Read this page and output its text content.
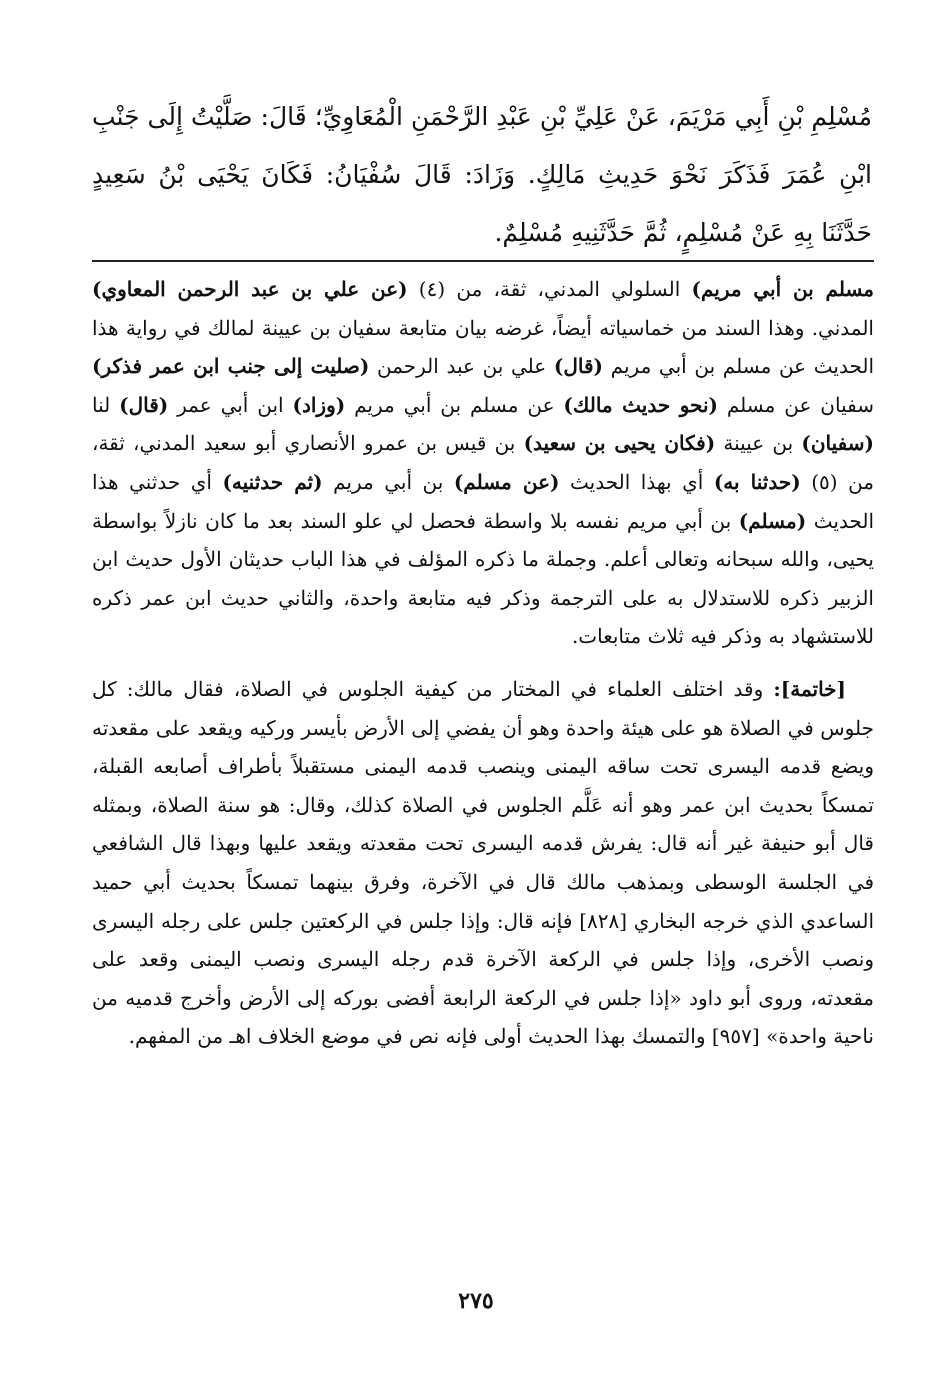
مُسْلِمِ بْنِ أَبِي مَرْيَمَ، عَنْ عَلِيِّ بْنِ عَبْدِ الرَّحْمَنِ الْمُعَاوِيِّ؛ قَالَ: صَلَّيْتُ إِلَى جَنْبِ ابْنِ عُمَرَ فَذَكَرَ نَحْوَ حَدِيثِ مَالِكٍ. وَزَادَ: قَالَ سُفْيَانُ: فَكَانَ يَحْيَى بْنُ سَعِيدٍ حَدَّثَنَا بِهِ عَنْ مُسْلِمٍ، ثُمَّ حَدَّثَنِيهِ مُسْلِمٌ.

مسلم بن أبي مريم) السلولي المدني، ثقة، من (٤) (عن علي بن عبد الرحمن المعاوي) المدني. وهذا السند من خماسياته أيضاً، غرضه بيان متابعة سفيان بن عيينة لمالك في رواية هذا الحديث عن مسلم بن أبي مريم (قال) علي بن عبد الرحمن (صليت إلى جنب ابن عمر فذكر) سفيان عن مسلم (نحو حديث مالك) عن مسلم بن أبي مريم (وزاد) ابن أبي عمر (قال) لنا (سفيان) بن عيينة (فكان يحيى بن سعيد) بن قيس بن عمرو الأنصاري أبو سعيد المدني، ثقة، من (٥) (حدثنا به) أي بهذا الحديث (عن مسلم) بن أبي مريم (ثم حدثنيه) أي حدثني هذا الحديث (مسلم) بن أبي مريم نفسه بلا واسطة فحصل لي علو السند بعد ما كان نازلاً بواسطة يحيى، والله سبحانه وتعالى أعلم. وجملة ما ذكره المؤلف في هذا الباب حديثان الأول حديث ابن الزبير ذكره للاستدلال به على الترجمة وذكر فيه متابعة واحدة، والثاني حديث ابن عمر ذكره للاستشهاد به وذكر فيه ثلاث متابعات.

[خاتمة]: وقد اختلف العلماء في المختار من كيفية الجلوس في الصلاة، فقال مالك: كل جلوس في الصلاة هو على هيئة واحدة وهو أن يفضي إلى الأرض بأيسر وركيه ويقعد على مقعدته ويضع قدمه اليسرى تحت ساقه اليمنى وينصب قدمه اليمنى مستقبلاً بأطراف أصابعه القبلة، تمسكاً بحديث ابن عمر وهو أنه عَلَّم الجلوس في الصلاة كذلك، وقال: هو سنة الصلاة، وبمثله قال أبو حنيفة غير أنه قال: يفرش قدمه اليسرى تحت مقعدته ويقعد عليها وبهذا قال الشافعي في الجلسة الوسطى وبمذهب مالك قال في الآخرة، وفرق بينهما تمسكاً بحديث أبي حميد الساعدي الذي خرجه البخاري [٨٢٨] فإنه قال: وإذا جلس في الركعتين جلس على رجله اليسرى ونصب الأخرى، وإذا جلس في الركعة الآخرة قدم رجله اليسرى ونصب اليمنى وقعد على مقعدته، وروى أبو داود «إذا جلس في الركعة الرابعة أفضى بوركه إلى الأرض وأخرج قدميه من ناحية واحدة» [٩٥٧] والتمسك بهذا الحديث أولى فإنه نص في موضع الخلاف اهـ من المفهم.

٢٧٥
